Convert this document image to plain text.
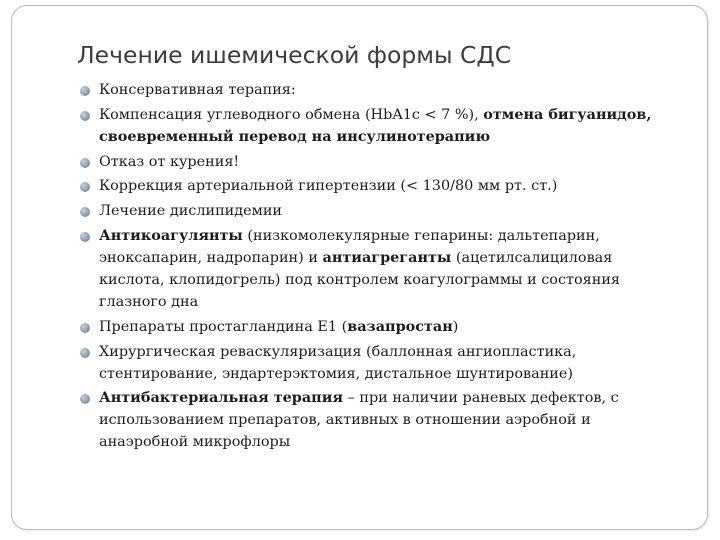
Лечение ишемической формы СДС
Консервативная терапия:
Компенсация углеводного обмена (HbA1c < 7 %), отмена бигуанидов, своевременный перевод на инсулинотерапию
Отказ от курения!
Коррекция артериальной гипертензии (< 130/80 мм рт. ст.)
Лечение дислипидемии
Антикоагулянты (низкомолекулярные гепарины: дальтепарин, эноксапарин, надропарин) и антиагреганты (ацетилсалициловая кислота, клопидогрель) под контролем коагулограммы и состояния глазного дна
Препараты простагландина Е1 (вазапростан)
Хирургическая реваскуляризация (баллонная ангиопластика, стентирование, эндартерэктомия, дистальное шунтирование)
Антибактериальная терапия – при наличии раневых дефектов, с использованием препаратов, активных в отношении аэробной и анаэробной микрофлоры
